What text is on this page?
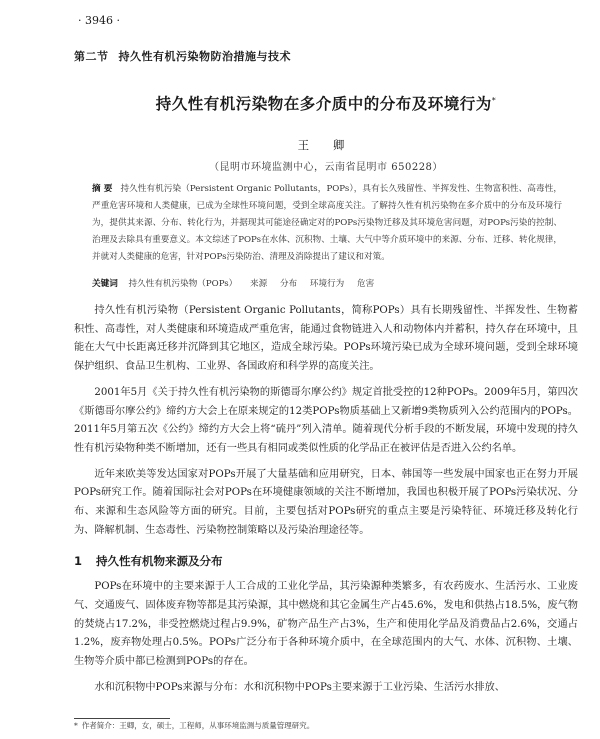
· 3946 ·
第二节 持久性有机污染物防治措施与技术
持久性有机污染物在多介质中的分布及环境行为*
王 卿
（昆明市环境监测中心，云南省昆明市 650228）
摘 要 持久性有机污染（Persistent Organic Pollutants，POPs），具有长久残留性、半挥发性、生物富积性、高毒性，严重危害环境和人类健康，已成为全球性环境问题，受到全球高度关注。了解持久性有机污染物在多介质中的分布及环境行为，提供其来源、分布、转化行为，并据现其可能途径确定对的POPs污染物迁移及其环境危害问题，对POPs污染的控制、治理及去除具有重要意义。本文综述了POPs在水体、沉积物、土壤、大气中等介质环境中的来源、分布、迁移、转化规律，并就对人类健康的危害，针对POPs污染防治、清理及消除提出了建议和对策。
关键词 持久性有机污染物（POPs） 来源 分布 环境行为 危害

持久性有机污染物（Persistent Organic Pollutants，简称POPs）具有长期残留性、半挥发性、生物蓄积性、高毒性，对人类健康和环境造成严重危害，能通过食物链进入人和动物体内并蓄积，持久存在环境中，且能在大气中长距离迁移并沉降到其它地区，造成全球污染。POPs环境污染已成为全球环境问题，受到全球环境保护组织、食品卫生机构、工业界、各国政府和科学界的高度关注。

2001年5月《关于持久性有机污染物的斯德哥尔摩公约》规定首批受控的12种POPs。2009年5月，第四次《斯德哥尔摩公约》缔约方大会上在原来规定的12类POPs物质基础上又新增9类物质列入公约范围内的POPs。2011年5月第五次《公约》缔约方大会上将“硫丹”列入清单。随着现代分析手段的不断发展，环境中发现的持久性有机污染物种类不断增加，还有一些具有相同或类似性质的化学品正在被评估是否进入公约名单。

近年来欧美等发达国家对POPs开展了大量基础和应用研究，日本、韩国等一些发展中国家也正在努力开展POPs研究工作。随着国际社会对POPs在环境健康领域的关注不断增加，我国也积极开展了POPs污染状况、分布、来源和生态风险等方面的研究。目前，主要包括对POPs研究的重点主要是污染特征、环境迁移及转化行为、降解机制、生态毒性、污染物控制策略以及污染治理途径等。

1 持久性有机物来源及分布

POPs在环境中的主要来源于人工合成的工业化学品，其污染源种类繁多，有农药废水、生活污水、工业废气、交通废气、固体废弃物等都是其污染源，其中燃烧和其它金属生产占45.6%，发电和供热占18.5%，废气物的焚烧占17.2%，非受控燃烧过程占9.9%，矿物产品生产占3%，生产和使用化学品及消费品占2.6%，交通占1.2%，废弃物处理占0.5%。POPs广泛分布于各种环境介质中，在全球范围内的大气、水体、沉积物、土壤、生物等介质中都已检测到POPs的存在。

水和沉积物中POPs来源与分布：水和沉积物中POPs主要来源于工业污染、生活污水排放、

* 作者简介：王卿，女，硕士，工程师，从事环境监测与质量管理研究。
